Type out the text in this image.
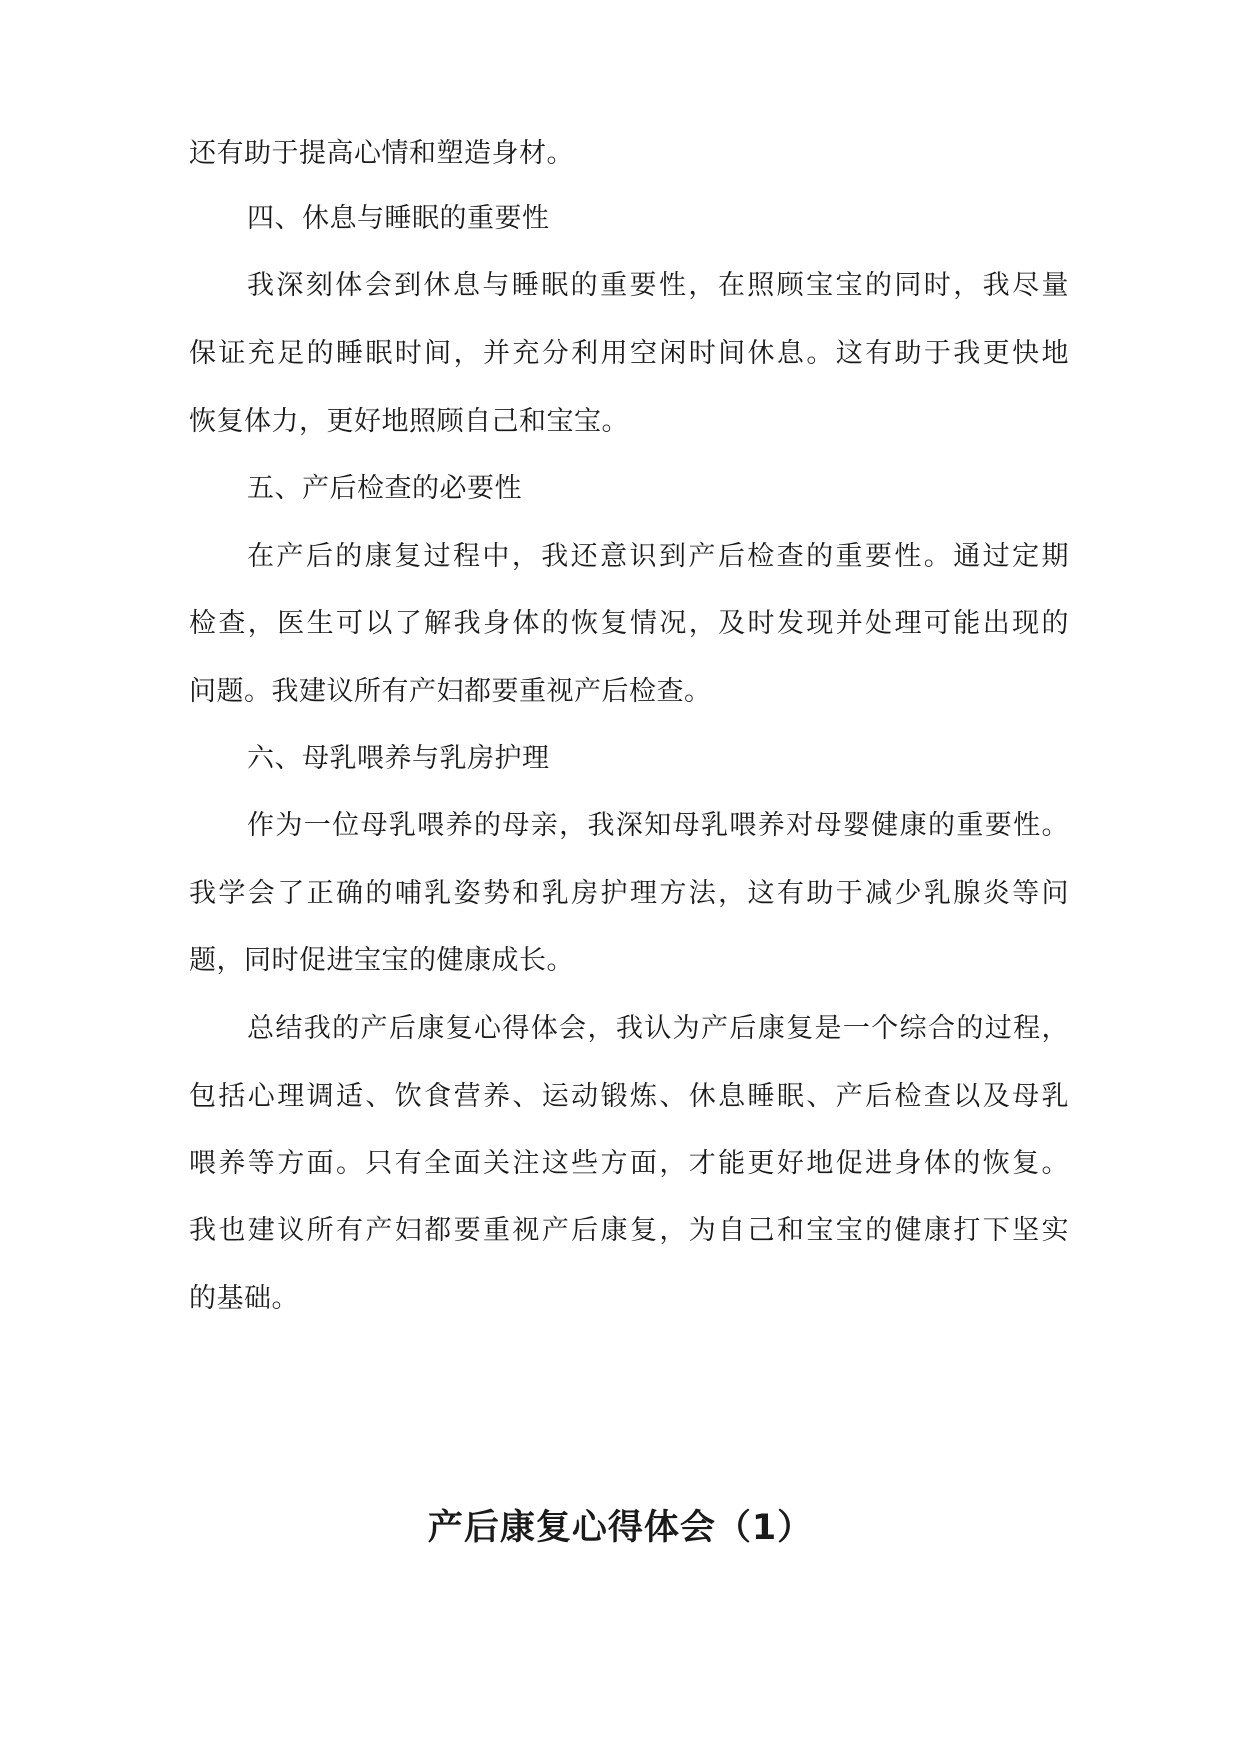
还有助于提高心情和塑造身材。
四、休息与睡眠的重要性
我深刻体会到休息与睡眠的重要性，在照顾宝宝的同时，我尽量
保证充足的睡眠时间，并充分利用空闲时间休息。这有助于我更快地
恢复体力，更好地照顾自己和宝宝。
五、产后检查的必要性
在产后的康复过程中，我还意识到产后检查的重要性。通过定期
检查，医生可以了解我身体的恢复情况，及时发现并处理可能出现的
问题。我建议所有产妇都要重视产后检查。
六、母乳喂养与乳房护理
作为一位母乳喂养的母亲，我深知母乳喂养对母婴健康的重要性。
我学会了正确的哺乳姿势和乳房护理方法，这有助于减少乳腺炎等问
题，同时促进宝宝的健康成长。
总结我的产后康复心得体会，我认为产后康复是一个综合的过程，
包括心理调适、饮食营养、运动锻炼、休息睡眠、产后检查以及母乳
喂养等方面。只有全面关注这些方面，才能更好地促进身体的恢复。
我也建议所有产妇都要重视产后康复，为自己和宝宝的健康打下坚实
的基础。
产后康复心得体会（1）
